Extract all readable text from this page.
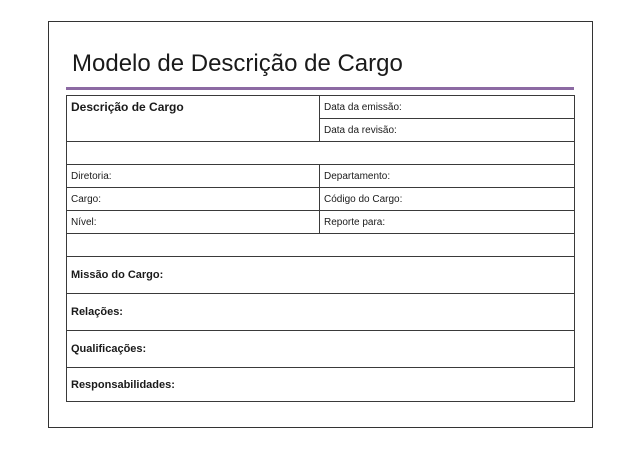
Modelo de Descrição de Cargo
Descrição de Cargo	Data da emissão:
	Data da revisão:

Diretoria:	Departamento:
Cargo:	Código do Cargo:
Nível:	Reporte para:

Missão do Cargo:	
Relações:	
Qualificações:	
Responsabilidades:	
